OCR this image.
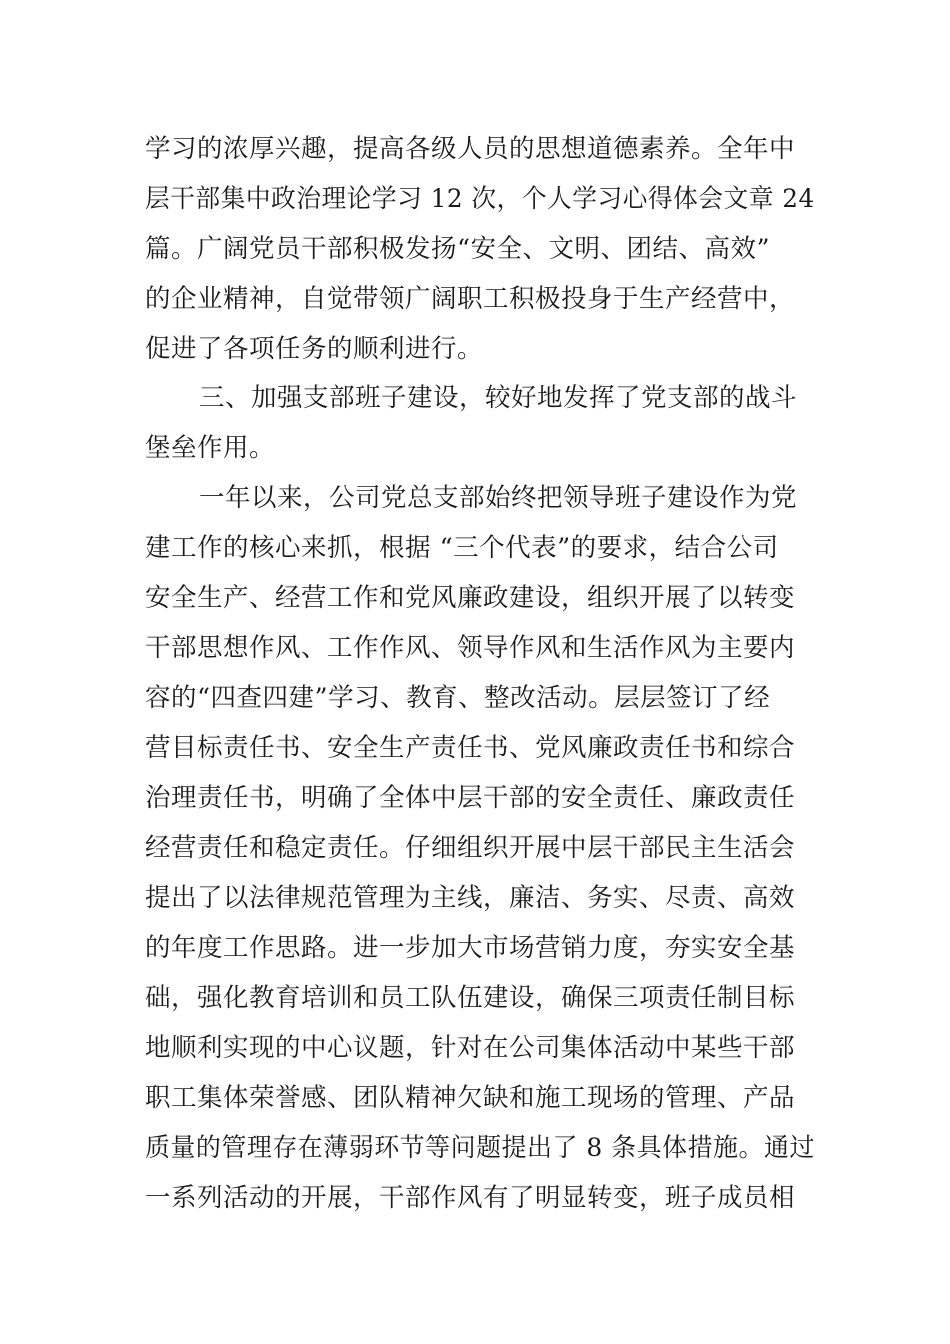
学习的浓厚兴趣，提高各级人员的思想道德素养。全年中
层干部集中政治理论学习 12 次，个人学习心得体会文章 24
篇。广阔党员干部积极发扬“安全、文明、团结、高效”
的企业精神，自觉带领广阔职工积极投身于生产经营中，
促进了各项任务的顺利进行。
三、加强支部班子建设，较好地发挥了党支部的战斗
堡垒作用。
一年以来，公司党总支部始终把领导班子建设作为党
建工作的核心来抓，根据 “三个代表”的要求，结合公司
安全生产、经营工作和党风廉政建设，组织开展了以转变
干部思想作风、工作作风、领导作风和生活作风为主要内
容的“四查四建”学习、教育、整改活动。层层签订了经
营目标责任书、安全生产责任书、党风廉政责任书和综合
治理责任书，明确了全体中层干部的安全责任、廉政责任
经营责任和稳定责任。仔细组织开展中层干部民主生活会
提出了以法律规范管理为主线，廉洁、务实、尽责、高效
的年度工作思路。进一步加大市场营销力度，夯实安全基
础，强化教育培训和员工队伍建设，确保三项责任制目标
地顺利实现的中心议题，针对在公司集体活动中某些干部
职工集体荣誉感、团队精神欠缺和施工现场的管理、产品
质量的管理存在薄弱环节等问题提出了 8 条具体措施。通过
一系列活动的开展，干部作风有了明显转变，班子成员相
